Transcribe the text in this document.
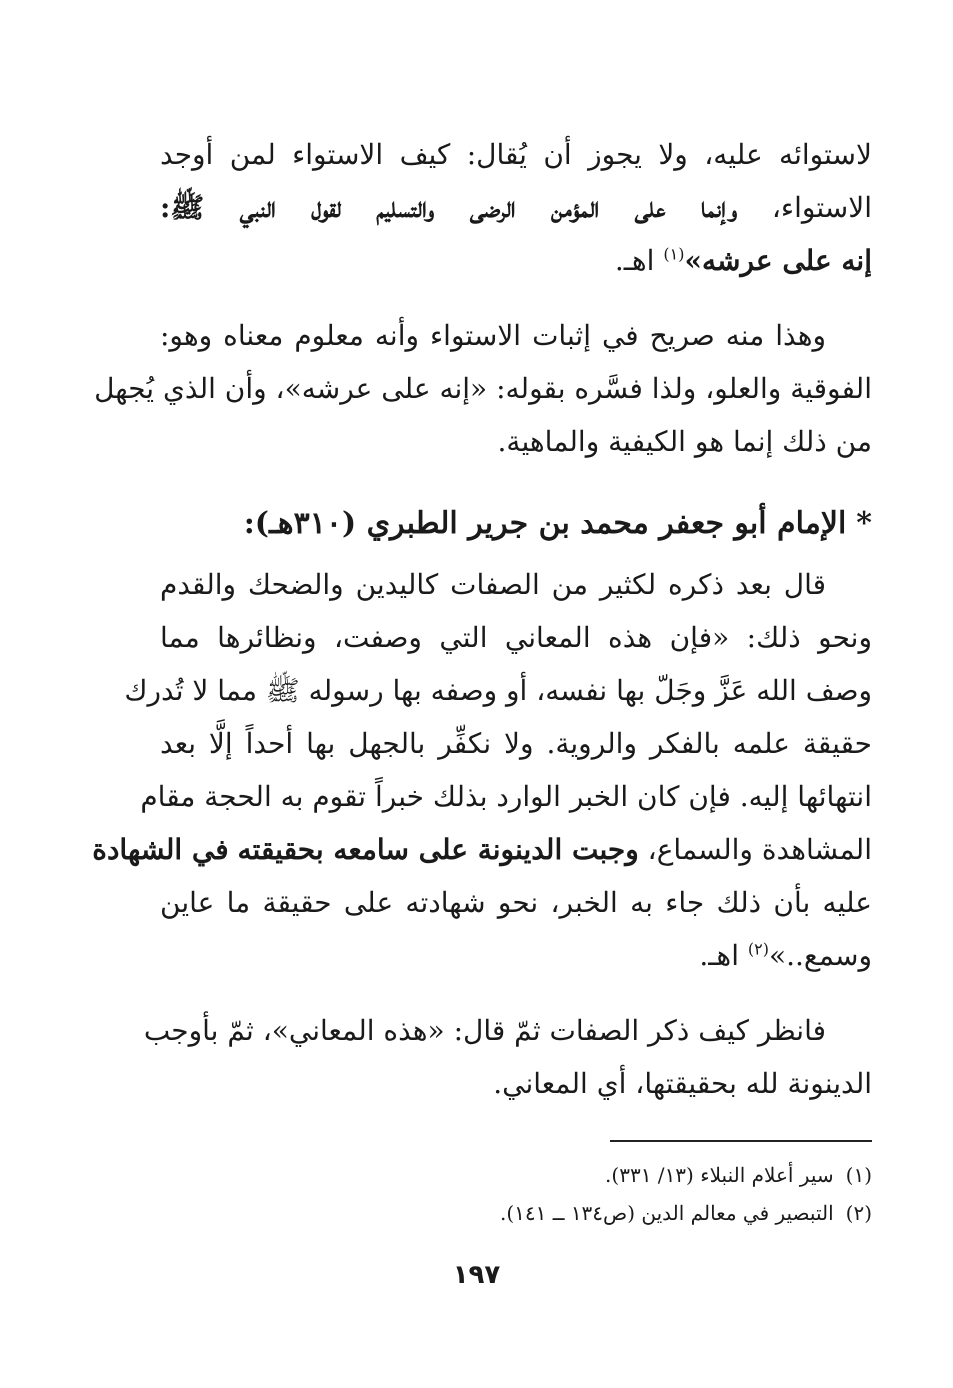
لاستوائه عليه، ولا يجوز أن يُقال: كيف الاستواء لمن أوجد
الاستواء، وإنما على المؤمن الرضى والتسليم لقول النبي ﷺ:
إنه على عرشه»$^{(١)}$ اهـ.
وهذا منه صريح في إثبات الاستواء وأنه معلوم معناه وهو:
الفوقية والعلو، ولذا فسَّره بقوله: «إنه على عرشه»، وأن الذي يُجهل
من ذلك إنما هو الكيفية والماهية.
*الإمام أبو جعفر محمد بن جرير الطبري (٣١٠هـ):
قال بعد ذكره لكثير من الصفات كاليدين والضحك والقدم
ونحو ذلك: «فإن هذه المعاني التي وصفت، ونظائرها مما
وصف الله عَزَّ وجَلّ بها نفسه، أو وصفه بها رسوله ﷺ مما لا تُدرك
حقيقة علمه بالفكر والروية. ولا نكفِّر بالجهل بها أحداً إلَّا بعد
انتهائها إليه. فإن كان الخبر الوارد بذلك خبراً تقوم به الحجة مقام
المشاهدة والسماع، وجبت الدينونة على سامعه بحقيقته في الشهادة
عليه بأن ذلك جاء به الخبر، نحو شهادته على حقيقة ما عاين
وسمع..»$^{(٢)}$ اهـ.
فانظر كيف ذكر الصفات ثمّ قال: «هذه المعاني»، ثمّ بأوجب
الدينونة لله بحقيقتها، أي المعاني.
(١)سير أعلام النبلاء (١٣/ ٣٣١).
(٢)التبصير في معالم الدين (ص١٣٤ ــ ١٤١).
١٩٧
